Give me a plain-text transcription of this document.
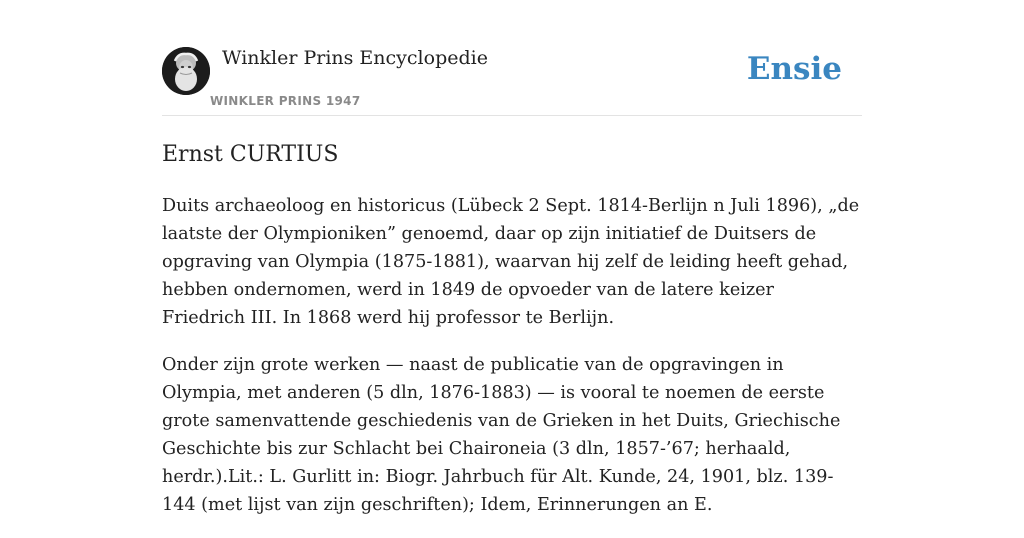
Winkler Prins Encyclopedie
WINKLER PRINS 1947
Ensie
Ernst CURTIUS

Duits archaeoloog en historicus (Lübeck 2 Sept. 1814-Berlijn n Juli 1896), „de laatste der Olympioniken” genoemd, daar op zijn initiatief de Duitsers de opgraving van Olympia (1875-1881), waarvan hij zelf de leiding heeft gehad, hebben ondernomen, werd in 1849 de opvoeder van de latere keizer Friedrich III. In 1868 werd hij professor te Berlijn.

Onder zijn grote werken — naast de publicatie van de opgravingen in Olympia, met anderen (5 dln, 1876-1883) — is vooral te noemen de eerste grote samenvattende geschiedenis van de Grieken in het Duits, Griechische Geschichte bis zur Schlacht bei Chaironeia (3 dln, 1857-’67; herhaald, herdr.).Lit.: L. Gurlitt in: Biogr. Jahrbuch für Alt. Kunde, 24, 1901, blz. 139-144 (met lijst van zijn geschriften); Idem, Erinnerungen an E.
